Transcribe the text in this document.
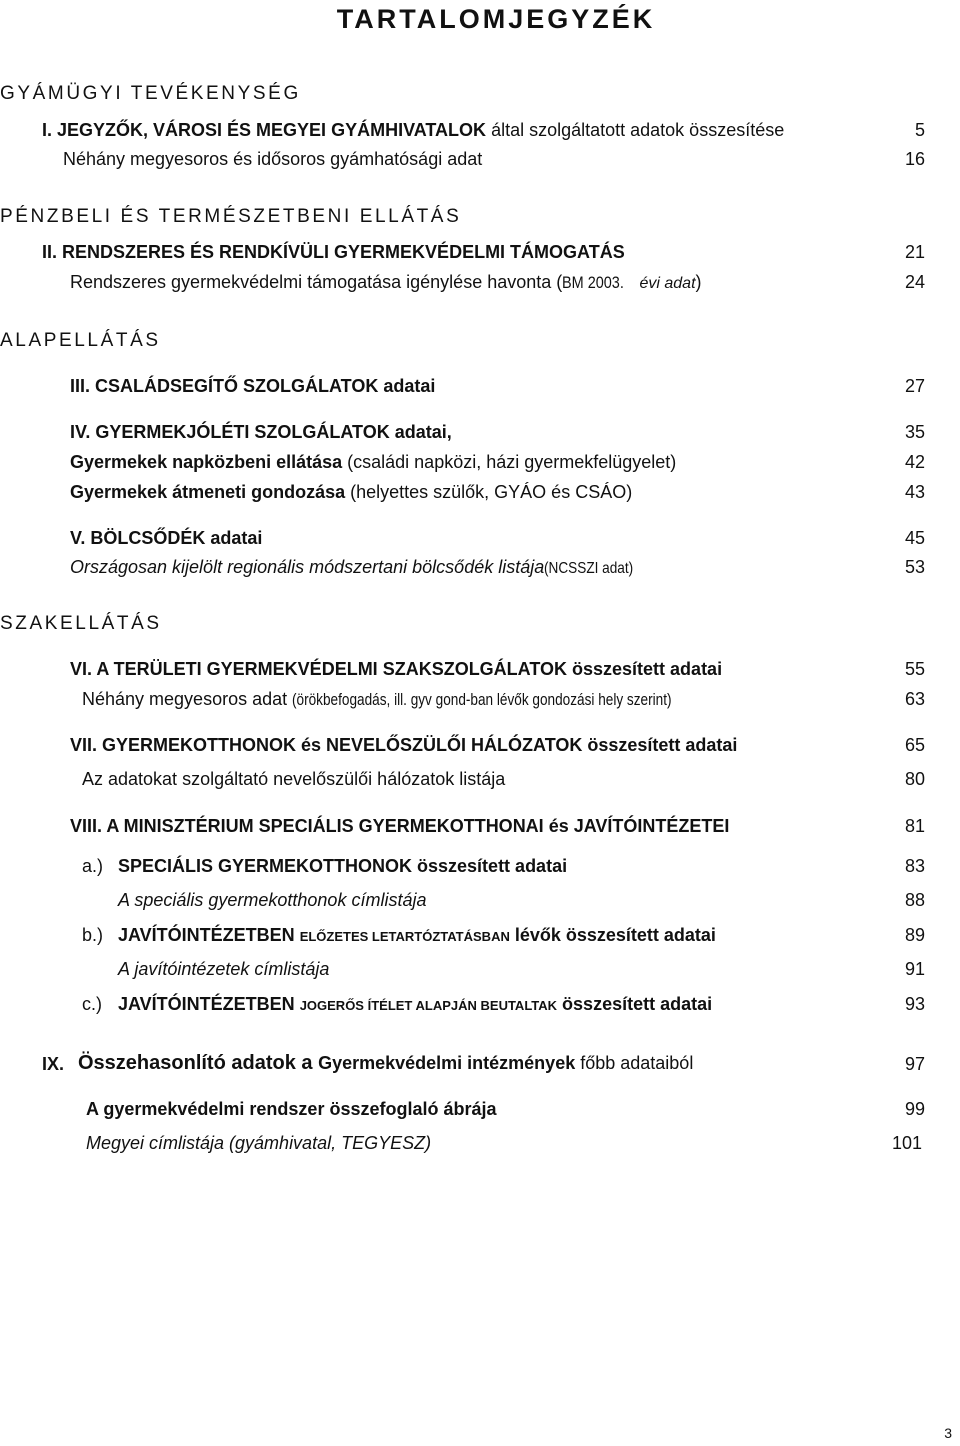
TARTALOMJEGYZÉK
GYÁMÜGYI TEVÉKENYSÉG
I. JEGYZŐK, VÁROSI ÉS MEGYEI GYÁMHIVATALOK által szolgáltatott adatok összesítése	5
Néhány megyesoros és idősoros gyámhatósági adat	16
PÉNZBELI ÉS TERMÉSZETBENI ELLÁTÁS
II. RENDSZERES ÉS RENDKÍVÜLI GYERMEKVÉDELMI TÁMOGATÁS	21
Rendszeres gyermekvédelmi támogatása igénylése havonta (BM 2003. évi adat)	24
ALAPELLÁTÁS
III. CSALÁDSEGÍTŐ SZOLGÁLATOK adatai	27
IV. GYERMEKJÓLÉTI SZOLGÁLATOK adatai,	35
Gyermekek napközbeni ellátása (családi napközi, házi gyermekfelügyelet)	42
Gyermekek átmeneti gondozása (helyettes szülők, GYÁO és CSÁO)	43
V. BÖLCSŐDÉK adatai	45
Országosan kijelölt regionális módszertani bölcsődék listája(NCSSZI adat)	53
SZAKELLÁTÁS
VI. A TERÜLETI GYERMEKVÉDELMI SZAKSZOLGÁLATOK összesített adatai	55
Néhány megyesoros adat (örökbefogadás, ill. gyv gond-ban lévők gondozási hely szerint)	63
VII. GYERMEKOTTHONOK és NEVELŐSZÜLŐI HÁLÓZATOK összesített adatai	65
Az adatokat szolgáltató nevelőszülői hálózatok listája	80
VIII. A MINISZTÉRIUM SPECIÁLIS GYERMEKOTTHONAI és JAVÍTÓINTÉZETEI	81
a.) SPECIÁLIS GYERMEKOTTHONOK összesített adatai	83
A speciális gyermekotthonok címlistája	88
b.) JAVÍTÓINTÉZETBEN ELŐZETES LETARTÓZTATÁSBAN lévők összesített adatai	89
A javítóintézetek címlistája	91
c.) JAVÍTÓINTÉZETBEN JOGERŐS ÍTÉLET ALAPJÁN BEUTALTAK összesített adatai	93
IX. Összehasonlító adatok a Gyermekvédelmi intézmények főbb adataiból	97
A gyermekvédelmi rendszer összefoglaló ábrája	99
Megyei címlistája (gyámhivatal, TEGYESZ)	101
3
